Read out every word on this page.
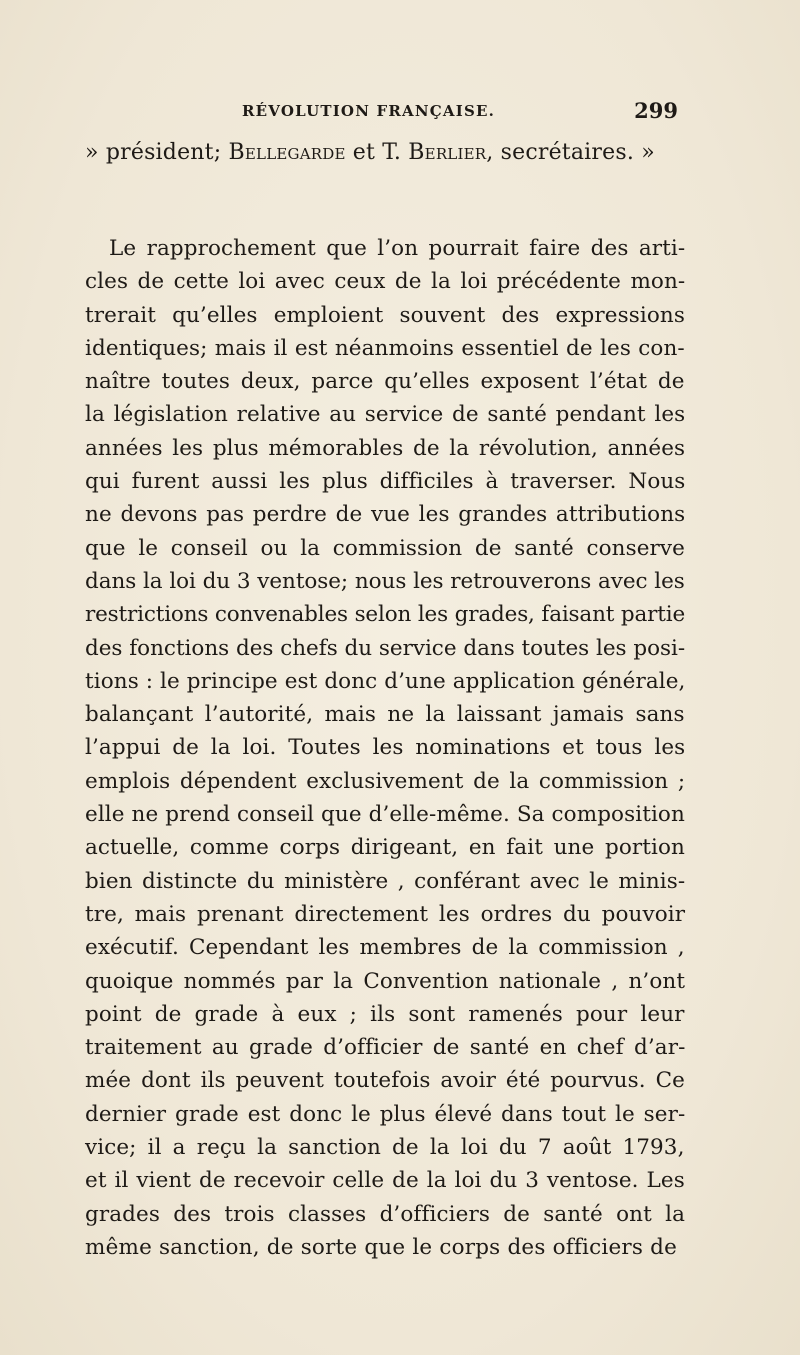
RÉVOLUTION FRANÇAISE.	299
» président; Bellegarde et T. Berlier, secrétaires. »
Le rapprochement que l’on pourrait faire des arti-
cles de cette loi avec ceux de la loi précédente mon-
trerait qu’elles emploient souvent des expressions
identiques; mais il est néanmoins essentiel de les con-
naître toutes deux, parce qu’elles exposent l’état de
la législation relative au service de santé pendant les
années les plus mémorables de la révolution, années
qui furent aussi les plus difficiles à traverser. Nous
ne devons pas perdre de vue les grandes attributions
que le conseil ou la commission de santé conserve
dans la loi du 3 ventose; nous les retrouverons avec les
restrictions convenables selon les grades, faisant partie
des fonctions des chefs du service dans toutes les posi-
tions : le principe est donc d’une application générale,
balançant l’autorité, mais ne la laissant jamais sans
l’appui de la loi. Toutes les nominations et tous les
emplois dépendent exclusivement de la commission ;
elle ne prend conseil que d’elle-même. Sa composition
actuelle, comme corps dirigeant, en fait une portion
bien distincte du ministère , conférant avec le minis-
tre, mais prenant directement les ordres du pouvoir
exécutif. Cependant les membres de la commission ,
quoique nommés par la Convention nationale , n’ont
point de grade à eux ; ils sont ramenés pour leur
traitement au grade d’officier de santé en chef d’ar-
mée dont ils peuvent toutefois avoir été pourvus. Ce
dernier grade est donc le plus élevé dans tout le ser-
vice; il a reçu la sanction de la loi du 7 août 1793,
et il vient de recevoir celle de la loi du 3 ventose. Les
grades des trois classes d’officiers de santé ont la
même sanction, de sorte que le corps des officiers de
